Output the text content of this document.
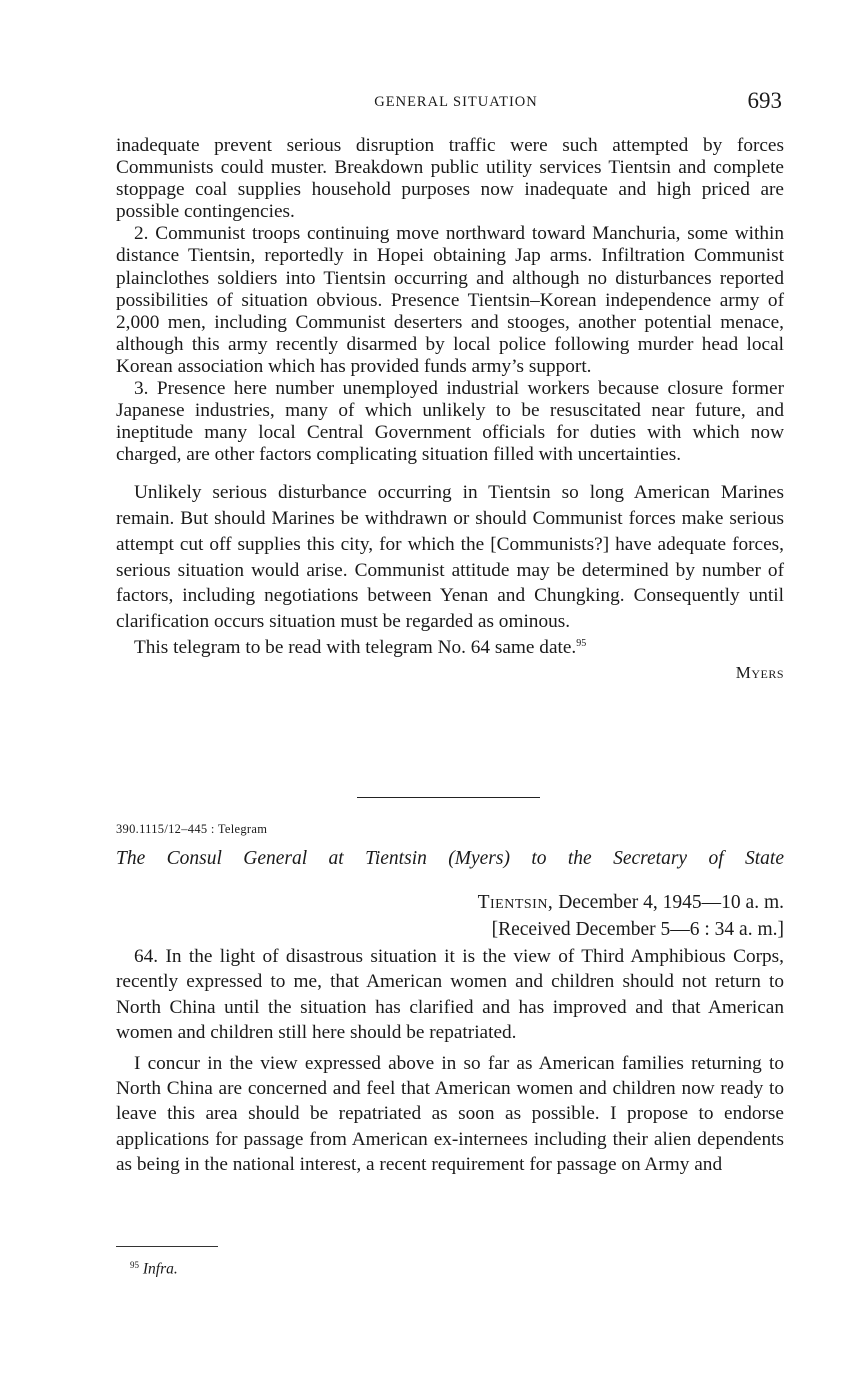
GENERAL SITUATION	693

inadequate prevent serious disruption traffic were such attempted by forces Communists could muster. Breakdown public utility services Tientsin and complete stoppage coal supplies household purposes now inadequate and high priced are possible contingencies.

2. Communist troops continuing move northward toward Manchuria, some within distance Tientsin, reportedly in Hopei obtaining Jap arms. Infiltration Communist plainclothes soldiers into Tientsin occurring and although no disturbances reported possibilities of situation obvious. Presence Tientsin–Korean independence army of 2,000 men, including Communist deserters and stooges, another potential menace, although this army recently disarmed by local police following murder head local Korean association which has provided funds army’s support.

3. Presence here number unemployed industrial workers because closure former Japanese industries, many of which unlikely to be resuscitated near future, and ineptitude many local Central Government officials for duties with which now charged, are other factors complicating situation filled with uncertainties.

Unlikely serious disturbance occurring in Tientsin so long American Marines remain. But should Marines be withdrawn or should Communist forces make serious attempt cut off supplies this city, for which the [Communists?] have adequate forces, serious situation would arise. Communist attitude may be determined by number of factors, including negotiations between Yenan and Chungking. Consequently until clarification occurs situation must be regarded as ominous.

This telegram to be read with telegram No. 64 same date.$^{95}$

Myers

390.1115/12–445 : Telegram
The Consul General at Tientsin (Myers) to the Secretary of State
Tientsin, December 4, 1945—10 a. m.
[Received December 5—6 : 34 a. m.]

64. In the light of disastrous situation it is the view of Third Amphibious Corps, recently expressed to me, that American women and children should not return to North China until the situation has clarified and has improved and that American women and children still here should be repatriated.

I concur in the view expressed above in so far as American families returning to North China are concerned and feel that American women and children now ready to leave this area should be repatriated as soon as possible. I propose to endorse applications for passage from American ex-internees including their alien dependents as being in the national interest, a recent requirement for passage on Army and

$^{95}$ Infra.
